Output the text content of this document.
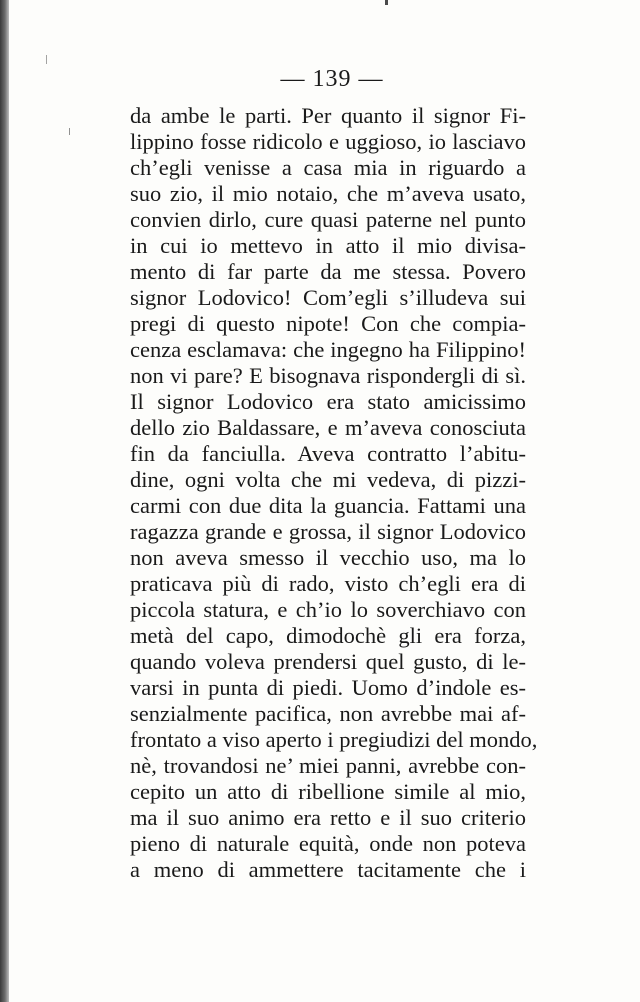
— 139 —
da ambe le parti. Per quanto il signor Fi-
lippino fosse ridicolo e uggioso, io lasciavo
ch’egli venisse a casa mia in riguardo a
suo zio, il mio notaio, che m’aveva usato,
convien dirlo, cure quasi paterne nel punto
in cui io mettevo in atto il mio divisa-
mento di far parte da me stessa. Povero
signor Lodovico! Com’egli s’illudeva sui
pregi di questo nipote! Con che compia-
cenza esclamava: che ingegno ha Filippino!
non vi pare? E bisognava rispondergli di sì.
Il signor Lodovico era stato amicissimo
dello zio Baldassare, e m’aveva conosciuta
fin da fanciulla. Aveva contratto l’abitu-
dine, ogni volta che mi vedeva, di pizzi-
carmi con due dita la guancia. Fattami una
ragazza grande e grossa, il signor Lodovico
non aveva smesso il vecchio uso, ma lo
praticava più di rado, visto ch’egli era di
piccola statura, e ch’io lo soverchiavo con
metà del capo, dimodochè gli era forza,
quando voleva prendersi quel gusto, di le-
varsi in punta di piedi. Uomo d’indole es-
senzialmente pacifica, non avrebbe mai af-
frontato a viso aperto i pregiudizi del mondo,
nè, trovandosi ne’ miei panni, avrebbe con-
cepito un atto di ribellione simile al mio,
ma il suo animo era retto e il suo criterio
pieno di naturale equità, onde non poteva
a meno di ammettere tacitamente che i
